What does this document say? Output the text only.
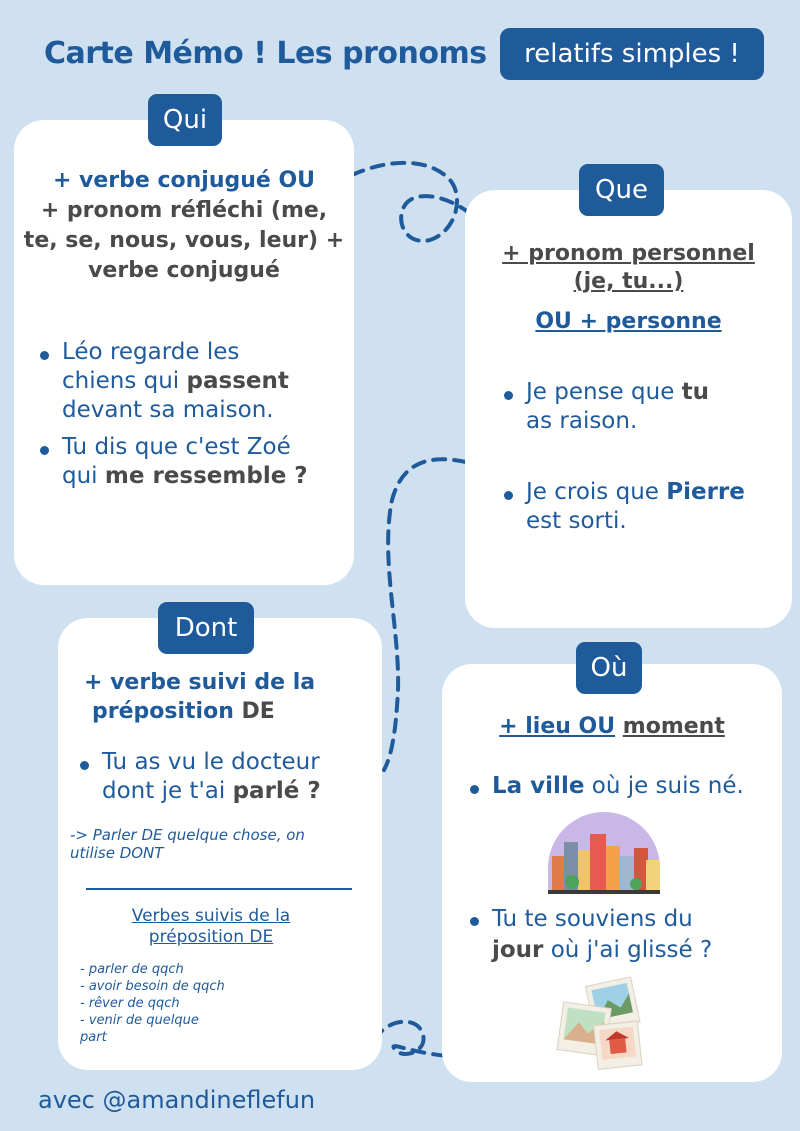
Carte Mémo ! Les pronoms	relatifs simples !
Qui
+ verbe conjugué OU
+ pronom réfléchi (me,
te, se, nous, vous, leur) +
verbe conjugué
Léo regarde les
chiens qui passent
devant sa maison.
Tu dis que c'est Zoé
qui me ressemble ?
Que
+ pronom personnel
(je, tu...)
OU + personne
Je pense que tu
as raison.
Je crois que Pierre
est sorti.
Dont
+ verbe suivi de la
préposition DE
Tu as vu le docteur
dont je t'ai parlé ?
-> Parler DE quelque chose, on
utilise DONT
Verbes suivis de la
préposition DE
- parler de qqch
- avoir besoin de qqch
- rêver de qqch
- venir de quelque
part
Où
+ lieu OU moment
La ville où je suis né.
Tu te souviens du
jour où j'ai glissé ?
avec @amandineflefun
